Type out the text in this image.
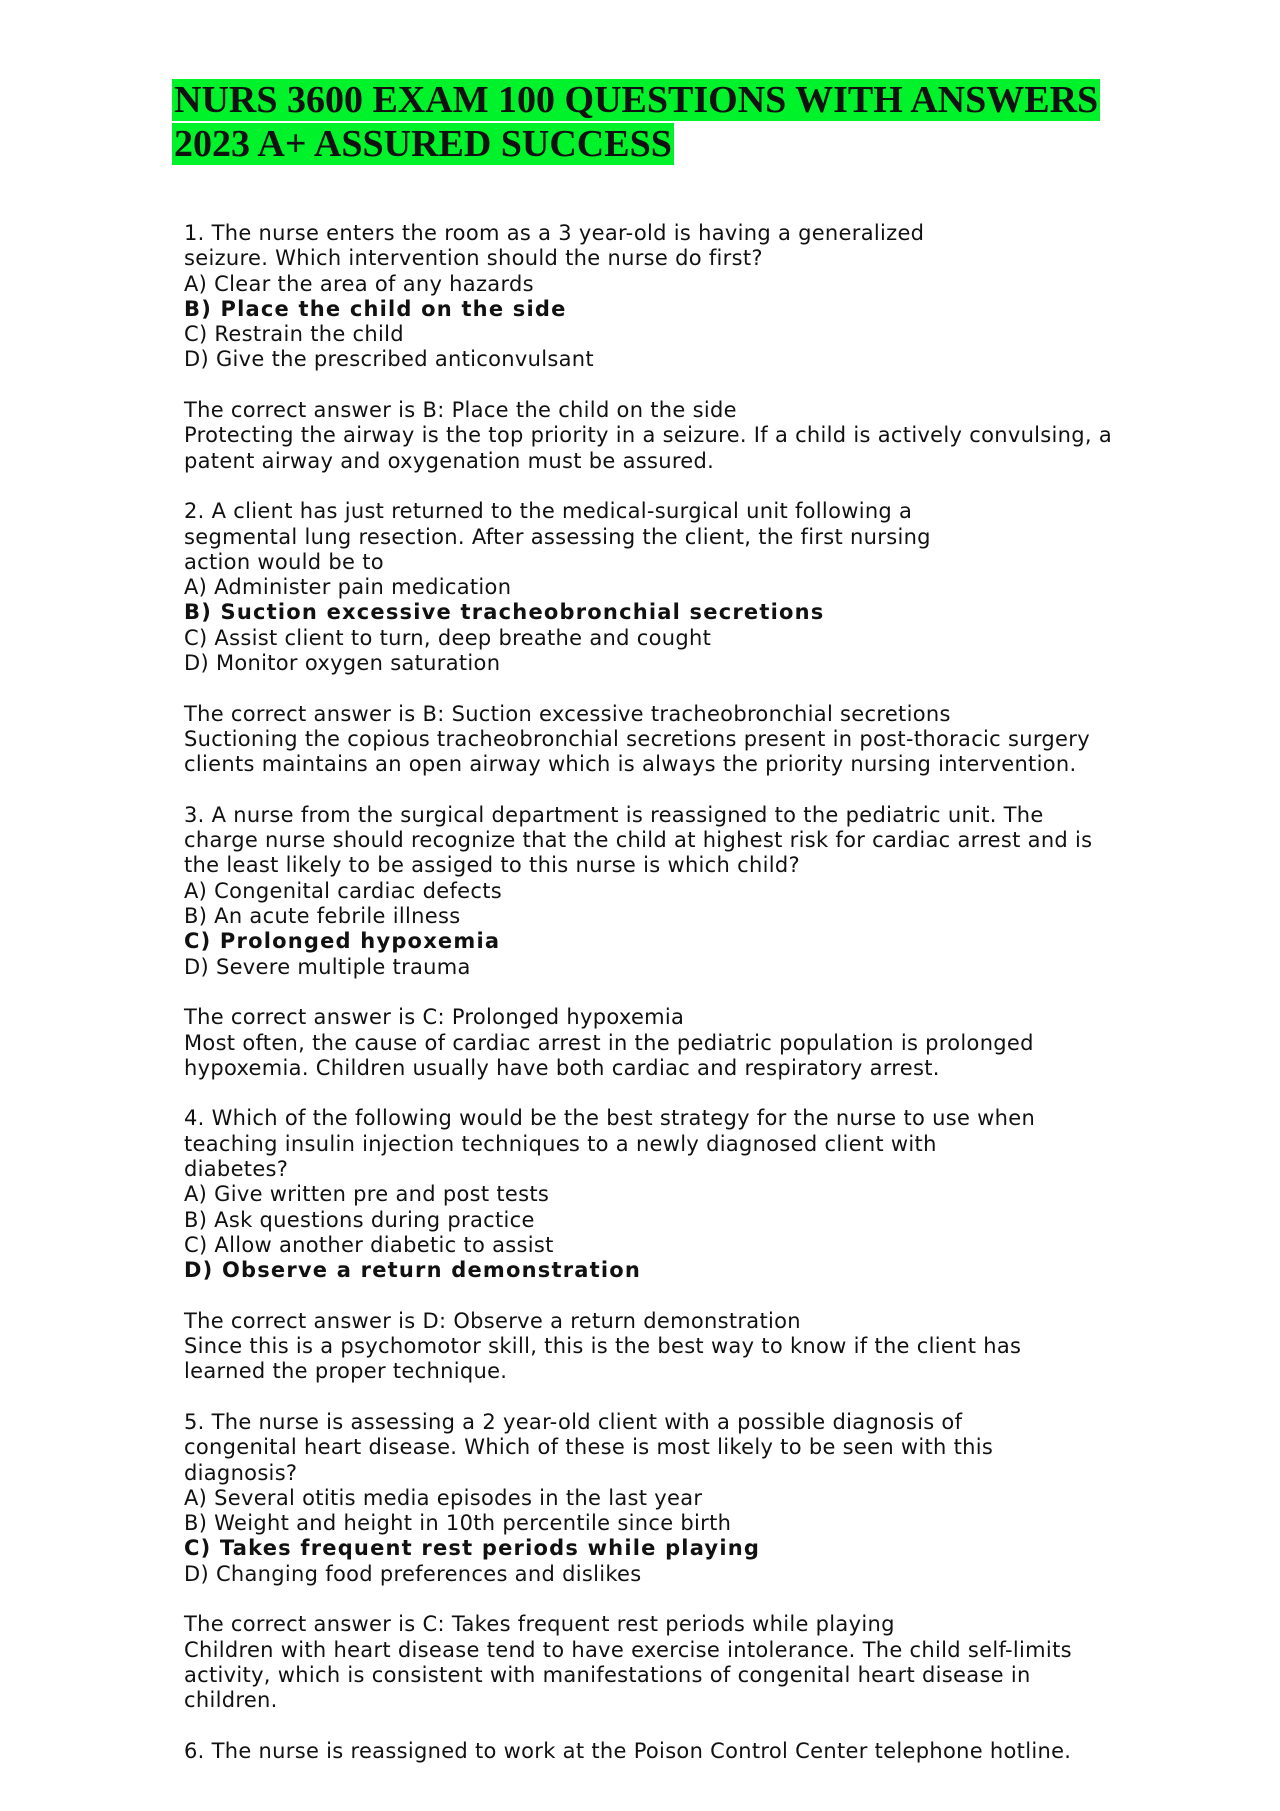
NURS 3600 EXAM 100 QUESTIONS WITH ANSWERS
2023 A+ ASSURED SUCCESS
1. The nurse enters the room as a 3 year-old is having a generalized
seizure. Which intervention should the nurse do first?
A) Clear the area of any hazards
B) Place the child on the side
C) Restrain the child
D) Give the prescribed anticonvulsant
The correct answer is B: Place the child on the side
Protecting the airway is the top priority in a seizure. If a child is actively convulsing, a
patent airway and oxygenation must be assured.
2. A client has just returned to the medical-surgical unit following a
segmental lung resection. After assessing the client, the first nursing
action would be to
A) Administer pain medication
B) Suction excessive tracheobronchial secretions
C) Assist client to turn, deep breathe and cought
D) Monitor oxygen saturation
The correct answer is B: Suction excessive tracheobronchial secretions
Suctioning the copious tracheobronchial secretions present in post-thoracic surgery
clients maintains an open airway which is always the priority nursing intervention.
3. A nurse from the surgical department is reassigned to the pediatric unit. The
charge nurse should recognize that the child at highest risk for cardiac arrest and is
the least likely to be assiged to this nurse is which child?
A) Congenital cardiac defects
B) An acute febrile illness
C) Prolonged hypoxemia
D) Severe multiple trauma
The correct answer is C: Prolonged hypoxemia
Most often, the cause of cardiac arrest in the pediatric population is prolonged
hypoxemia. Children usually have both cardiac and respiratory arrest.
4. Which of the following would be the best strategy for the nurse to use when
teaching insulin injection techniques to a newly diagnosed client with
diabetes?
A) Give written pre and post tests
B) Ask questions during practice
C) Allow another diabetic to assist
D) Observe a return demonstration
The correct answer is D: Observe a return demonstration
Since this is a psychomotor skill, this is the best way to know if the client has
learned the proper technique.
5. The nurse is assessing a 2 year-old client with a possible diagnosis of
congenital heart disease. Which of these is most likely to be seen with this
diagnosis?
A) Several otitis media episodes in the last year
B) Weight and height in 10th percentile since birth
C) Takes frequent rest periods while playing
D) Changing food preferences and dislikes
The correct answer is C: Takes frequent rest periods while playing
Children with heart disease tend to have exercise intolerance. The child self-limits
activity, which is consistent with manifestations of congenital heart disease in
children.
6. The nurse is reassigned to work at the Poison Control Center telephone hotline.
